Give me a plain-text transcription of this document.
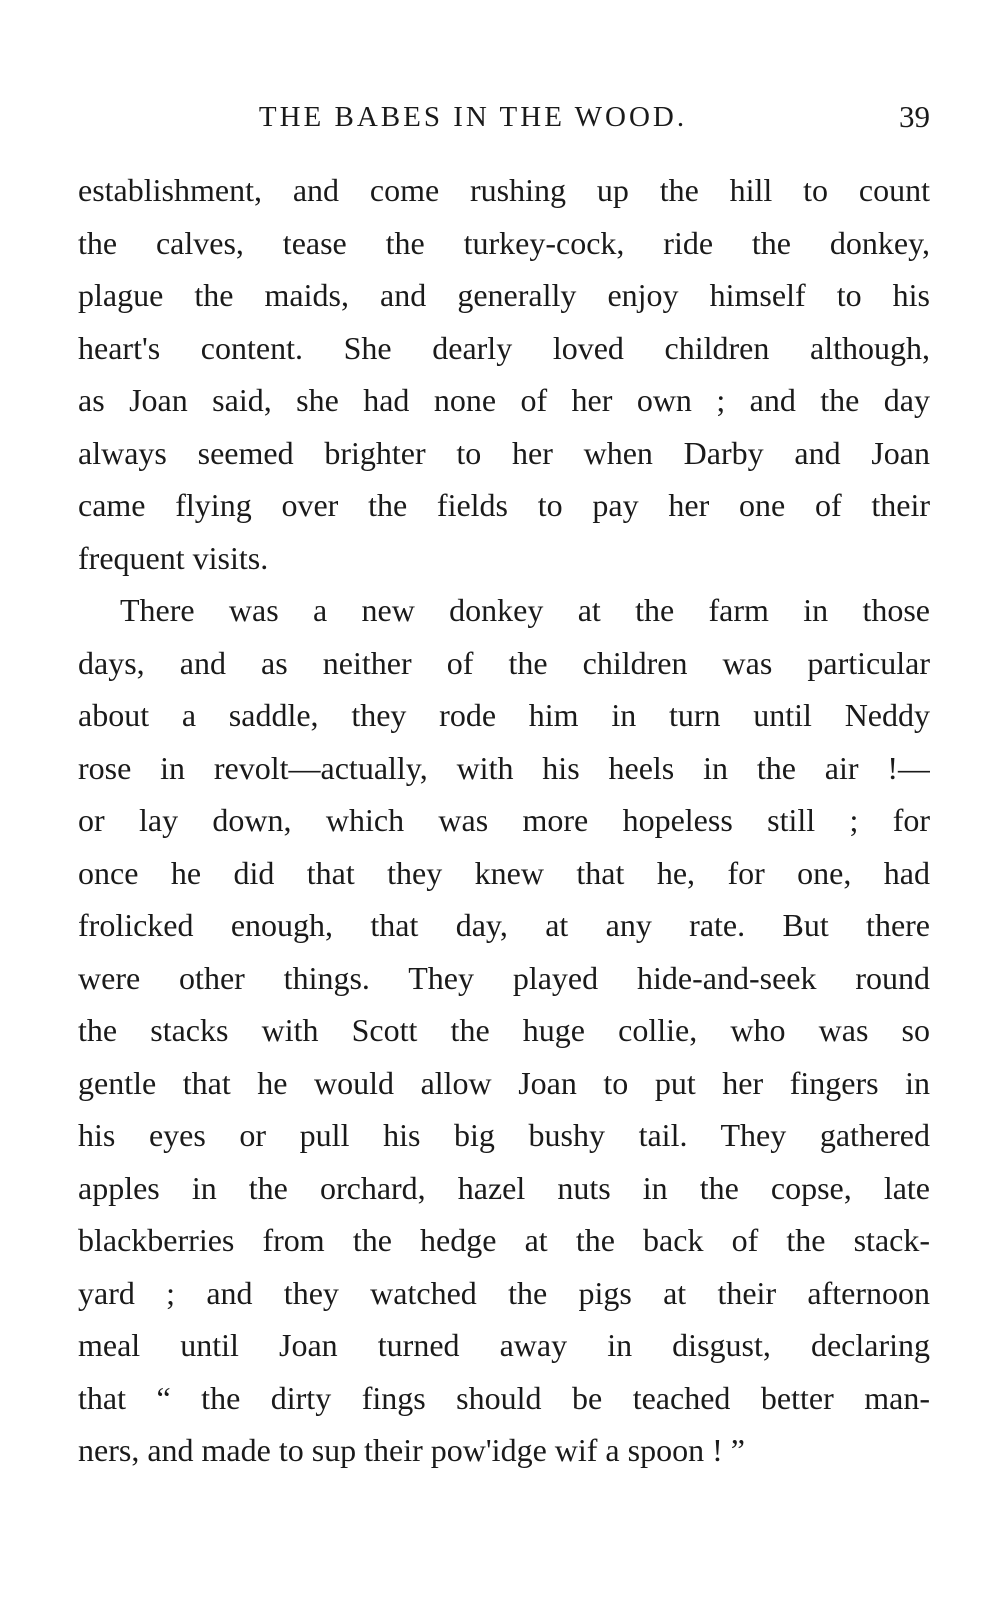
THE BABES IN THE WOOD.	39
establishment, and come rushing up the hill to count
the calves, tease the turkey-cock, ride the donkey,
plague the maids, and generally enjoy himself to his
heart's content. She dearly loved children although,
as Joan said, she had none of her own ; and the day
always seemed brighter to her when Darby and Joan
came flying over the fields to pay her one of their
frequent visits.
There was a new donkey at the farm in those
days, and as neither of the children was particular
about a saddle, they rode him in turn until Neddy
rose in revolt—actually, with his heels in the air !—
or lay down, which was more hopeless still ; for
once he did that they knew that he, for one, had
frolicked enough, that day, at any rate. But there
were other things. They played hide-and-seek round
the stacks with Scott the huge collie, who was so
gentle that he would allow Joan to put her fingers in
his eyes or pull his big bushy tail. They gathered
apples in the orchard, hazel nuts in the copse, late
blackberries from the hedge at the back of the stack-
yard ; and they watched the pigs at their afternoon
meal until Joan turned away in disgust, declaring
that “ the dirty fings should be teached better man-
ners, and made to sup their pow'idge wif a spoon ! ”
